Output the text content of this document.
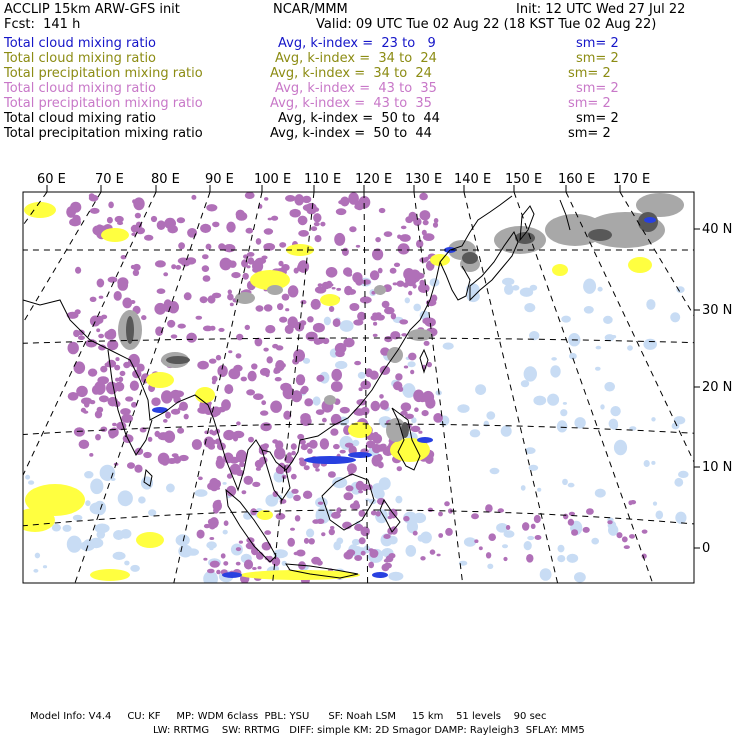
ACCLIP 15km ARW-GFS init	NCAR/MMM	Init: 12 UTC Wed 27 Jul 22
Fcst:  141 h	Valid: 09 UTC Tue 02 Aug 22 (18 KST Tue 02 Aug 22)
Total cloud mixing ratio	Avg, k-index =  23 to   9	sm= 2
Total cloud mixing ratio	Avg, k-index =  34 to  24	sm= 2
Total precipitation mixing ratio	Avg, k-index =  34 to  24	sm= 2
Total cloud mixing ratio	Avg, k-index =  43 to  35	sm= 2
Total precipitation mixing ratio	Avg, k-index =  43 to  35	sm= 2
Total cloud mixing ratio	Avg, k-index =  50 to  44	sm= 2
Total precipitation mixing ratio	Avg, k-index =  50 to  44	sm= 2
60 E 70 E 80 E 90 E 100 E 110 E 120 E 130 E 140 E 150 E 160 E 170 E
40 N
30 N
20 N
10 N
0
Model Info: V4.4     CU: KF     MP: WDM 6class  PBL: YSU      SF: Noah LSM     15 km    51 levels    90 sec
LW: RRTMG    SW: RRTMG   DIFF: simple KM: 2D Smagor DAMP: Rayleigh3  SFLAY: MM5
